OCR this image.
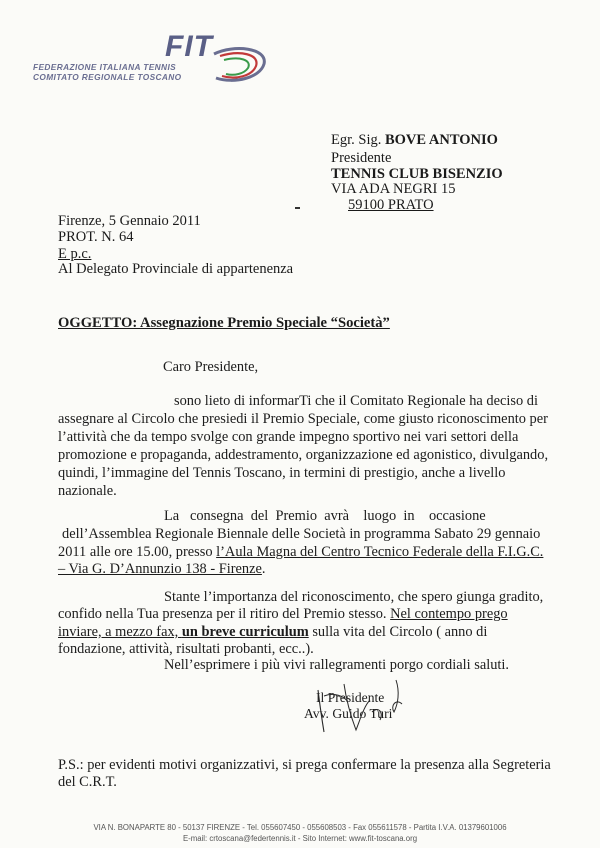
FIT
FEDERAZIONE ITALIANA TENNIS
COMITATO REGIONALE TOSCANO
Egr. Sig. BOVE ANTONIO
Presidente
TENNIS CLUB BISENZIO
VIA ADA NEGRI 15
59100 PRATO
Firenze, 5 Gennaio 2011
PROT. N. 64
E p.c.
Al Delegato Provinciale di appartenenza
OGGETTO: Assegnazione Premio Speciale “Società”
Caro Presidente,
sono lieto di informarTi che il Comitato Regionale ha deciso di
assegnare al Circolo che presiedi il Premio Speciale, come giusto riconoscimento per
l’attività che da tempo svolge con grande impegno sportivo nei vari settori della
promozione e propaganda, addestramento, organizzazione ed agonistico, divulgando,
quindi, l’immagine del Tennis Toscano, in termini di prestigio, anche a livello
nazionale.
La   consegna  del  Premio  avrà    luogo  in    occasione
dell’Assemblea Regionale Biennale delle Società in programma Sabato 29 gennaio
2011 alle ore 15.00, presso l’Aula Magna del Centro Tecnico Federale della F.I.G.C.
– Via G. D’Annunzio 138 - Firenze.
Stante l’importanza del riconoscimento, che spero giunga gradito,
confido nella Tua presenza per il ritiro del Premio stesso. Nel contempo prego
inviare, a mezzo fax, un breve curriculum sulla vita del Circolo ( anno di
fondazione, attività, risultati probanti, ecc..).
Nell’esprimere i più vivi rallegramenti porgo cordiali saluti.
Il Presidente
Avv. Guido Turi
P.S.: per evidenti motivi organizzativi, si prega confermare la presenza alla Segreteria
del C.R.T.
VIA N. BONAPARTE 80 - 50137 FIRENZE - Tel. 055607450 - 055608503 - Fax 055611578 - Partita I.V.A. 01379601006
E-mail: crtoscana@federtennis.it - Sito Internet: www.fit-toscana.org
